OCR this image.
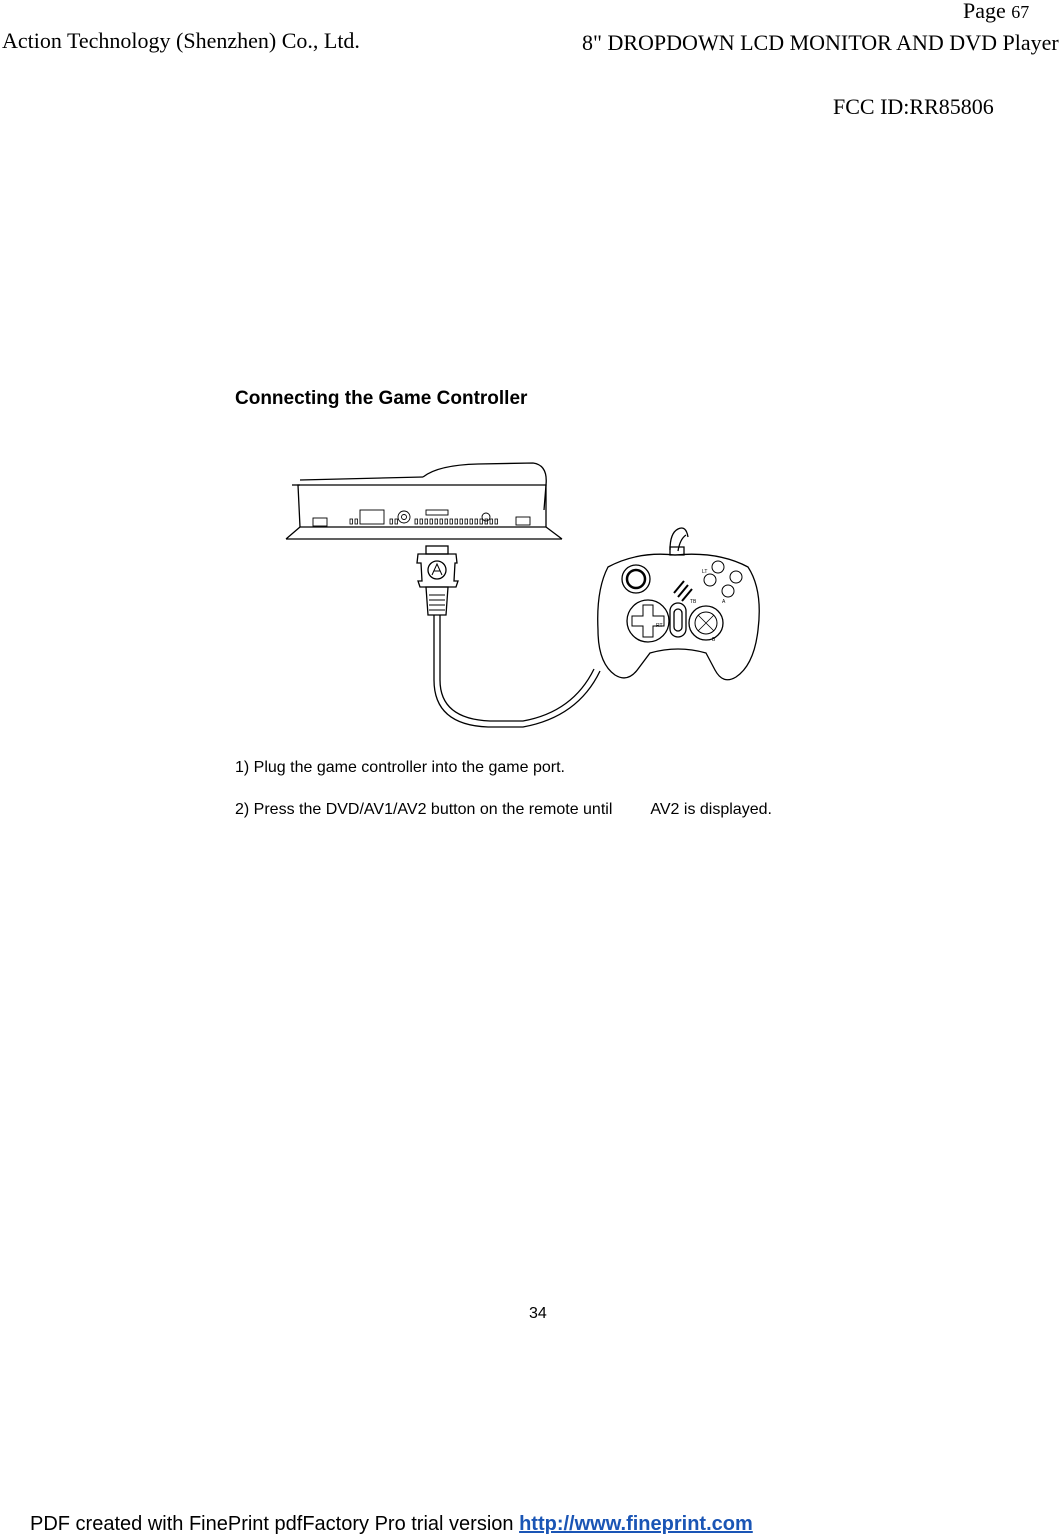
Page 67
Action Technology (Shenzhen) Co., Ltd.	8" DROPDOWN LCD MONITOR AND DVD Player
FCC ID:RR85806
Connecting the Game Controller
TB	A
B
LT
RT
1) Plug the game controller into the game port.
2) Press the DVD/AV1/AV2 button on the remote until AV2 is displayed.
34
PDF created with FinePrint pdfFactory Pro trial version http://www.fineprint.com
